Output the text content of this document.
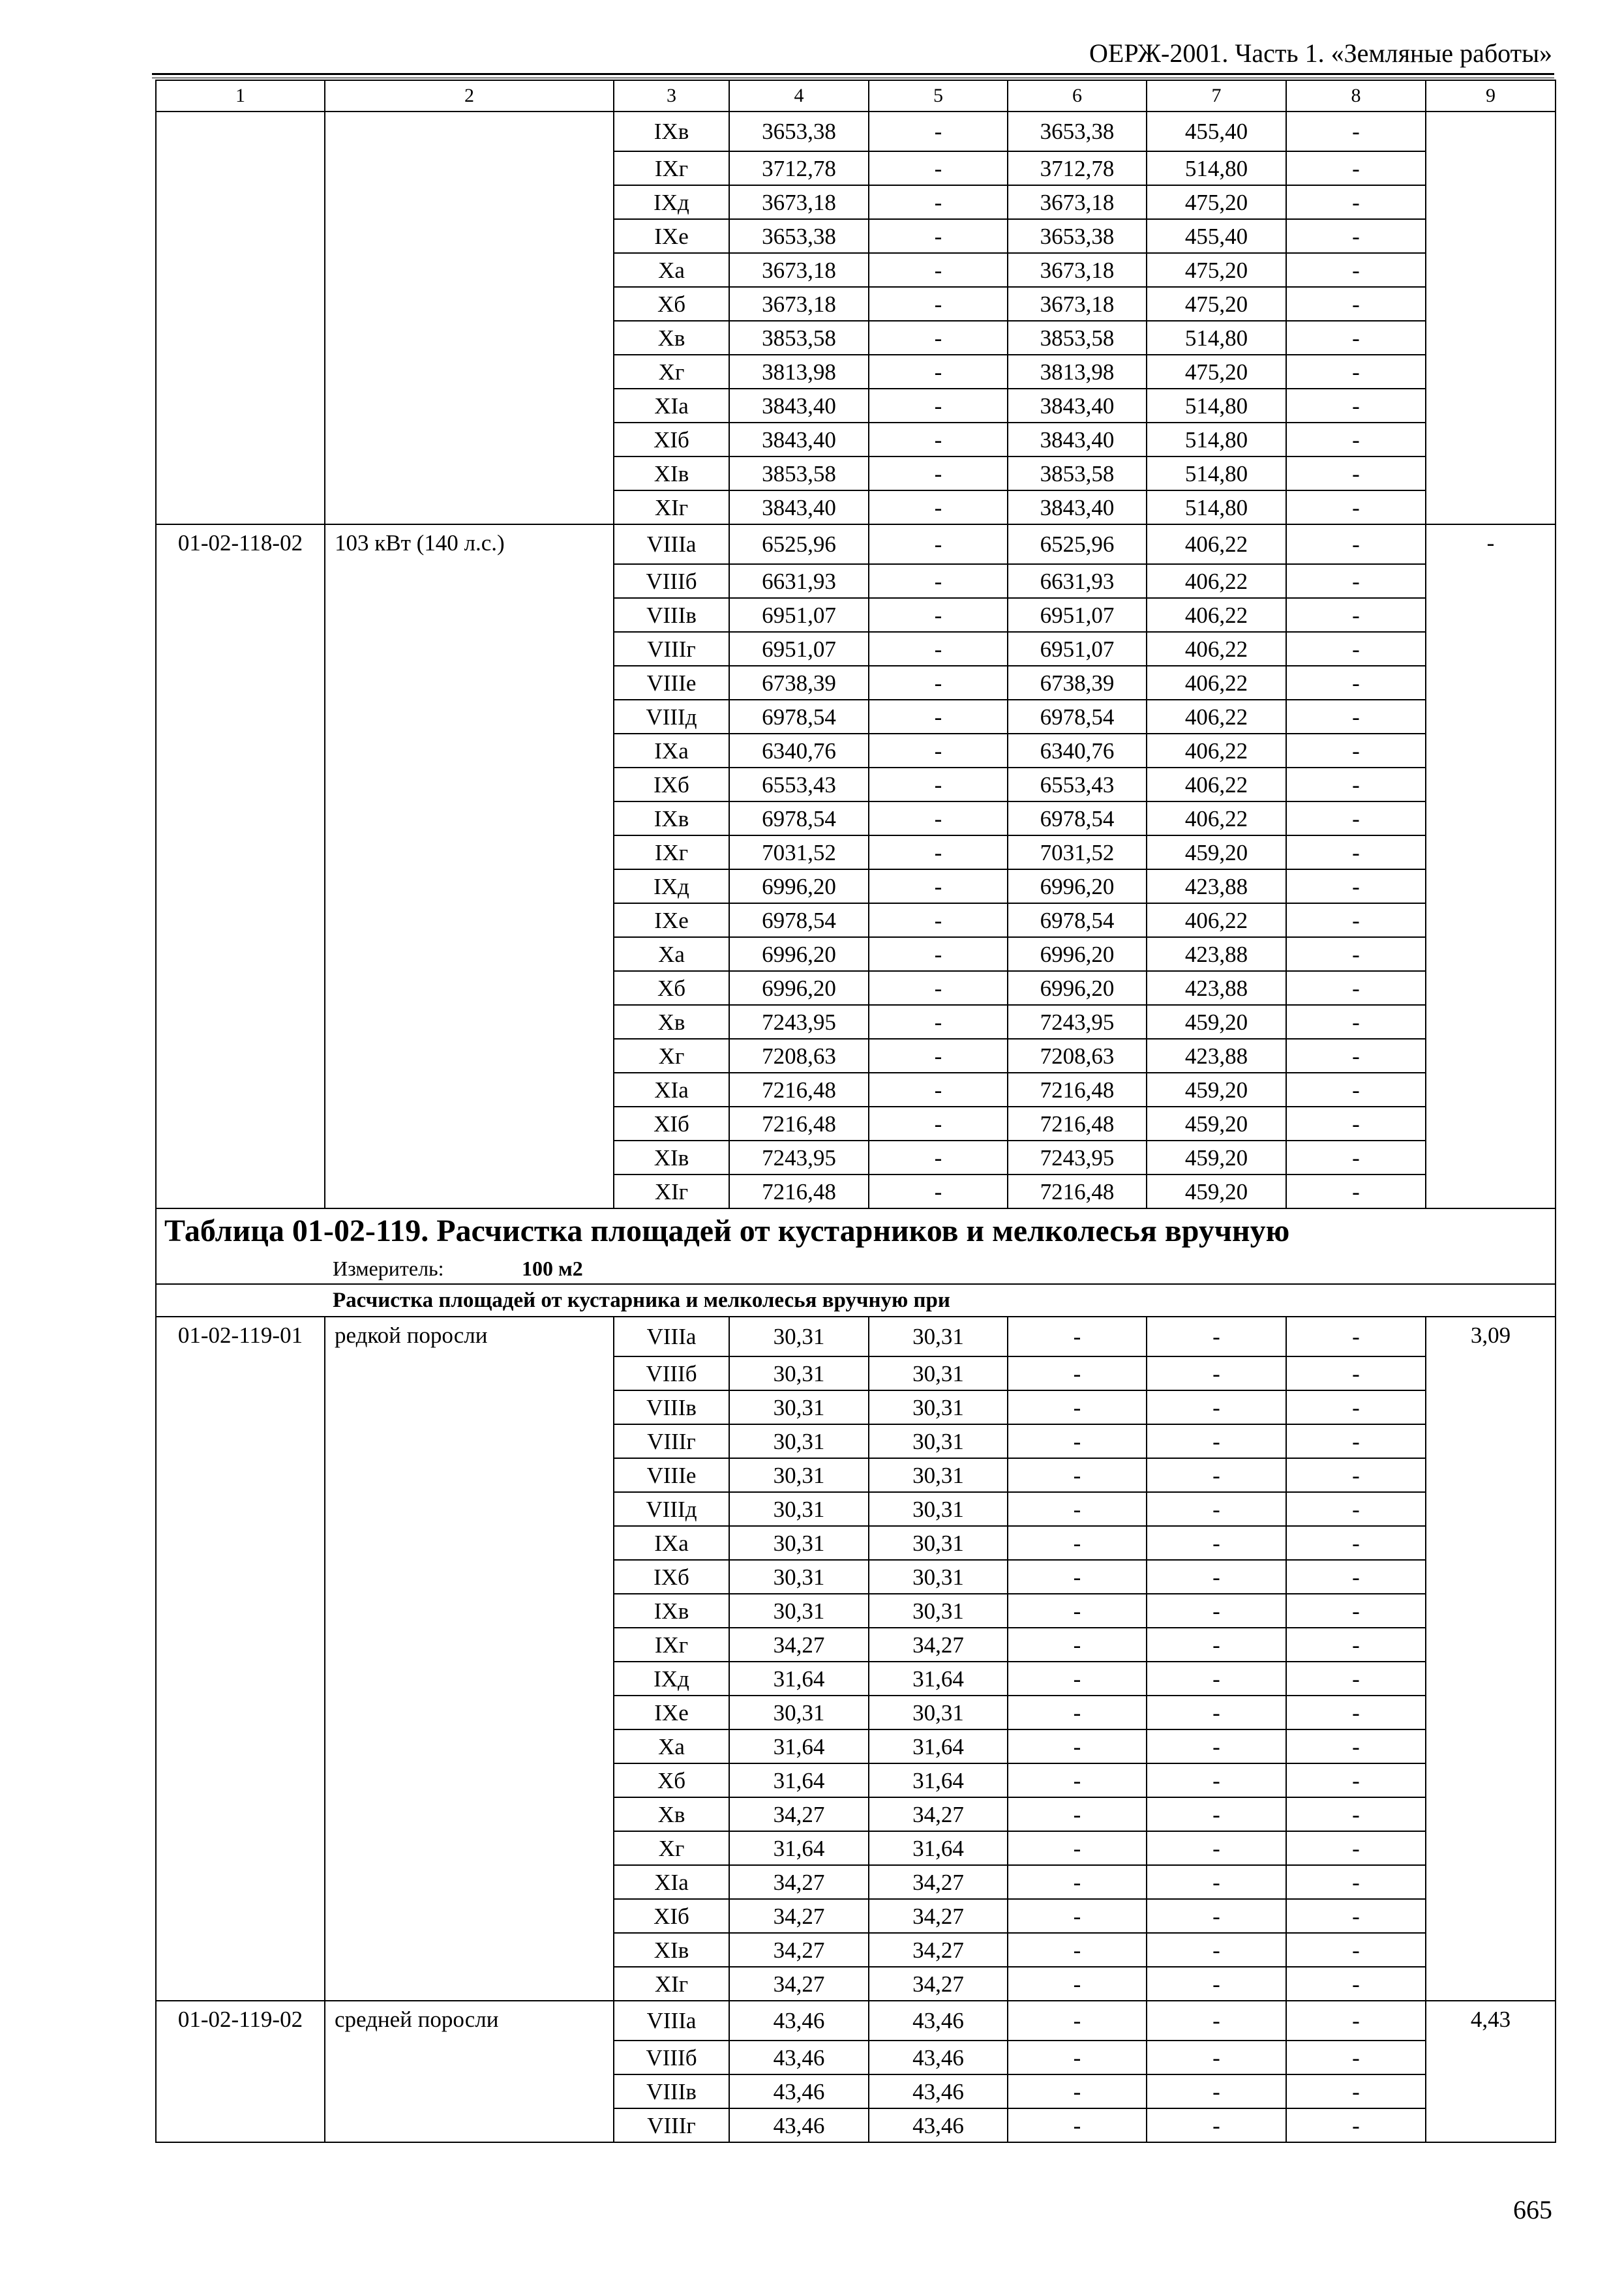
ОЕРЖ-2001. Часть 1. «Земляные работы»
1	2	3	4	5	6	7	8	9
		IXв	3653,38	-	3653,38	455,40	-	
		IXг	3712,78	-	3712,78	514,80	-	
		IXд	3673,18	-	3673,18	475,20	-	
		IXе	3653,38	-	3653,38	455,40	-	
		Xа	3673,18	-	3673,18	475,20	-	
		Xб	3673,18	-	3673,18	475,20	-	
		Xв	3853,58	-	3853,58	514,80	-	
		Xг	3813,98	-	3813,98	475,20	-	
		XIа	3843,40	-	3843,40	514,80	-	
		XIб	3843,40	-	3843,40	514,80	-	
		XIв	3853,58	-	3853,58	514,80	-	
		XIг	3843,40	-	3843,40	514,80	-	
01-02-118-02	103 кВт (140 л.с.)	VIIIа	6525,96	-	6525,96	406,22	-	-
		VIIIб	6631,93	-	6631,93	406,22	-	
		VIIIв	6951,07	-	6951,07	406,22	-	
		VIIIг	6951,07	-	6951,07	406,22	-	
		VIIIе	6738,39	-	6738,39	406,22	-	
		VIIIд	6978,54	-	6978,54	406,22	-	
		IXа	6340,76	-	6340,76	406,22	-	
		IXб	6553,43	-	6553,43	406,22	-	
		IXв	6978,54	-	6978,54	406,22	-	
		IXг	7031,52	-	7031,52	459,20	-	
		IXд	6996,20	-	6996,20	423,88	-	
		IXе	6978,54	-	6978,54	406,22	-	
		Xа	6996,20	-	6996,20	423,88	-	
		Xб	6996,20	-	6996,20	423,88	-	
		Xв	7243,95	-	7243,95	459,20	-	
		Xг	7208,63	-	7208,63	423,88	-	
		XIа	7216,48	-	7216,48	459,20	-	
		XIб	7216,48	-	7216,48	459,20	-	
		XIв	7243,95	-	7243,95	459,20	-	
		XIг	7216,48	-	7216,48	459,20	-	
Таблица 01-02-119. Расчистка площадей от кустарников и мелколесья вручную								
Измеритель: 100 м2								
Расчистка площадей от кустарника и мелколесья вручную при								
01-02-119-01	редкой поросли	VIIIа	30,31	30,31	-	-	-	3,09
		VIIIб	30,31	30,31	-	-	-	
		VIIIв	30,31	30,31	-	-	-	
		VIIIг	30,31	30,31	-	-	-	
		VIIIе	30,31	30,31	-	-	-	
		VIIIд	30,31	30,31	-	-	-	
		IXа	30,31	30,31	-	-	-	
		IXб	30,31	30,31	-	-	-	
		IXв	30,31	30,31	-	-	-	
		IXг	34,27	34,27	-	-	-	
		IXд	31,64	31,64	-	-	-	
		IXе	30,31	30,31	-	-	-	
		Xа	31,64	31,64	-	-	-	
		Xб	31,64	31,64	-	-	-	
		Xв	34,27	34,27	-	-	-	
		Xг	31,64	31,64	-	-	-	
		XIа	34,27	34,27	-	-	-	
		XIб	34,27	34,27	-	-	-	
		XIв	34,27	34,27	-	-	-	
		XIг	34,27	34,27	-	-	-	
01-02-119-02	средней поросли	VIIIа	43,46	43,46	-	-	-	4,43
		VIIIб	43,46	43,46	-	-	-	
		VIIIв	43,46	43,46	-	-	-	
		VIIIг	43,46	43,46	-	-	-	
665
